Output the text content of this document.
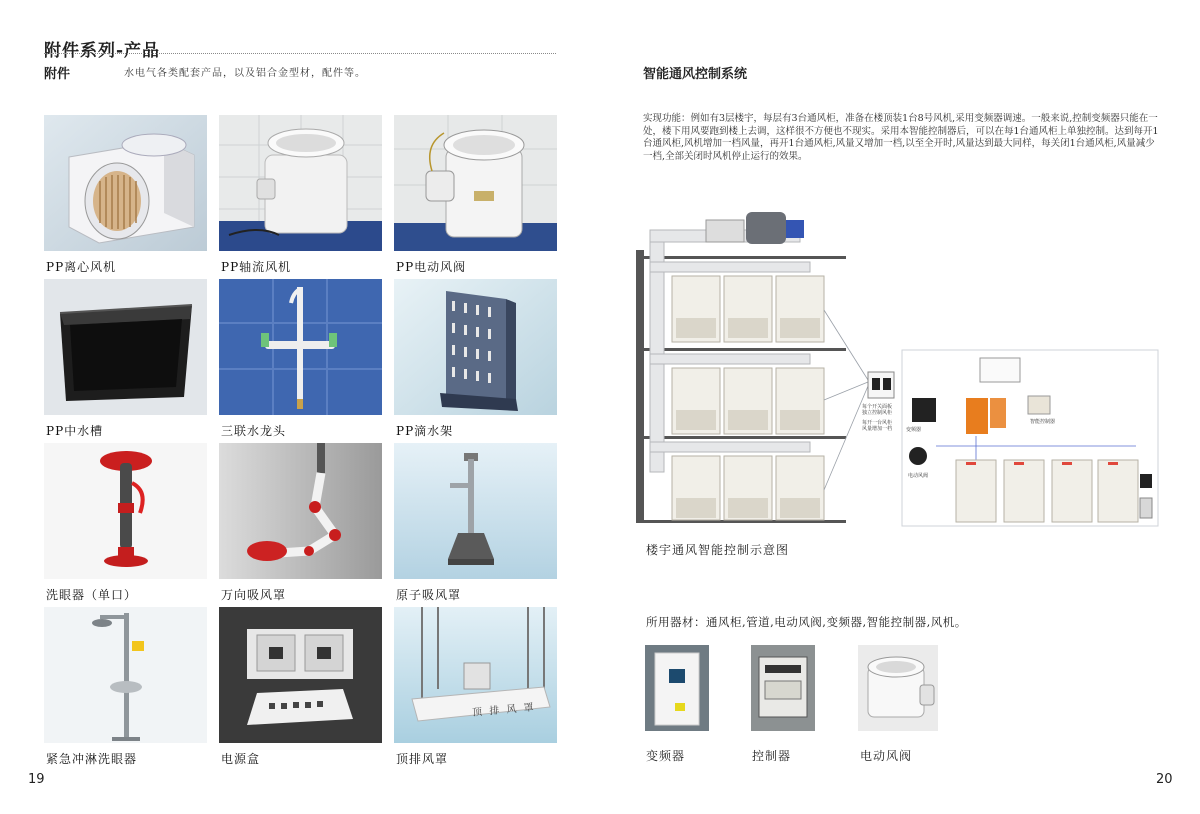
附件系列-产品
附件	水电气各类配套产品，以及铝合金型材，配件等。
PP离心风机	PP轴流风机	PP电动风阀
PP中水槽	三联水龙头	PP滴水架
洗眼器（单口）	万向吸风罩	原子吸风罩
紧急冲淋洗眼器	电源盒
顶 排 风 罩
顶排风罩
19
智能通风控制系统
实现功能：例如有3层楼宇，每层有3台通风柜，准备在楼顶装1台8号风机,采用变频器调速。一般来说,控制变频器只能在一处，楼下用风要跑到楼上去调，这样很不方便也不现实。采用本智能控制器后，可以在每1台通风柜上单独控制。达到每开1台通风柜,风机增加一档风量，再开1台通风柜,风量又增加一档,以至全开时,风量达到最大同样，每关闭1台通风柜,风量减少一档,全部关闭时风机停止运行的效果。
变频器
智能控制器
电动风阀
每个开关面板
独立控制风柜
每开一台风柜
风量增加一档
楼宇通风智能控制示意图
所用器材：通风柜,管道,电动风阀,变频器,智能控制器,风机。
变频器	控制器	电动风阀
20
